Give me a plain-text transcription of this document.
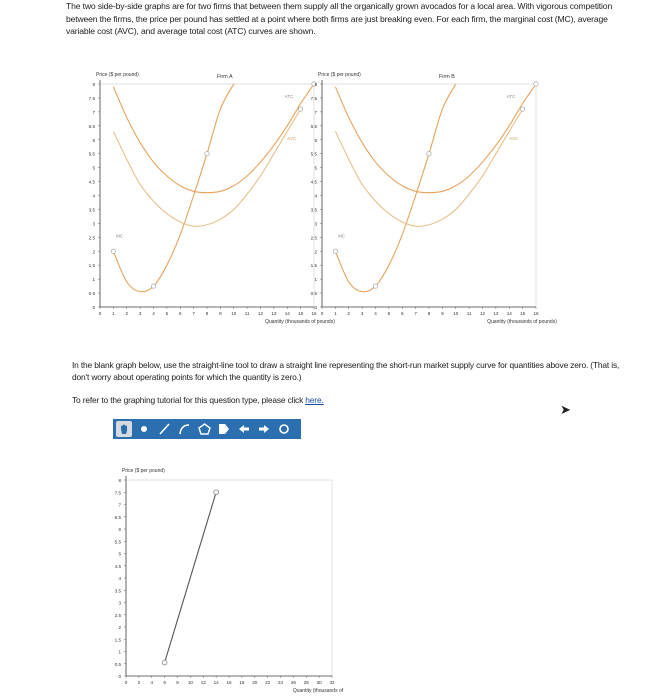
The two side-by-side graphs are for two firms that between them supply all the organically grown avocados for a local area. With vigorous competition between the firms, the price per pound has settled at a point where both firms are just breaking even. For each firm, the marginal cost (MC), average variable cost (AVC), and average total cost (ATC) curves are shown.
0
0.5
1
1.5
2
2.5
3
3.5
4
4.5
5
5.5
6
6.5
7
7.5
8
0 1 2 3 4 5 6 7 8 9 10 11 12 13 14 15 16
Price ($ per pound)
Quantity (thousands of pounds)
Firm A
MC
ATC
AVC
0
0.5
1
1.5
2
2.5
3
3.5
4
4.5
5
5.5
6
6.5
7
7.5
8
0 1 2 3 4 5 6 7 8 9 10 11 12 13 14 15 16
Price ($ per pound)
Quantity (thousands of pounds)
Firm B
MC
ATC
AVC
In the blank graph below, use the straight-line tool to draw a straight line representing the short-run market supply curve for quantities above zero. (That is, don't worry about operating points for which the quantity is zero.)
To refer to the graphing tutorial for this question type, please click here.
➤
0
0.5
1
1.5
2
2.5
3
3.5
4
4.5
5
5.5
6
6.5
7
7.5
8
0 2 4 6 8 10 12 14 16 18 20 22 24 26 28 30 32
Price ($ per pound)
Quantity (thousands of
